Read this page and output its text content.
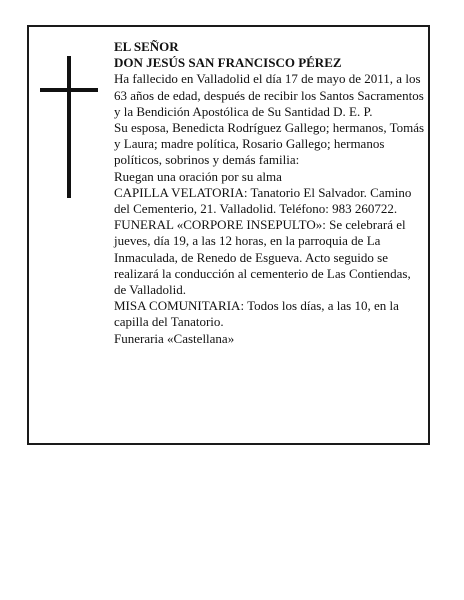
EL SEÑOR

DON JESÚS SAN FRANCISCO PÉREZ

Ha fallecido en Valladolid el día 17 de mayo de 2011, a los 63 años de edad, después de recibir los Santos Sacramentos y la Bendición Apostólica de Su Santidad D. E. P.

Su esposa, Benedicta Rodríguez Gallego; hermanos, Tomás y Laura; madre política, Rosario Gallego; hermanos políticos, sobrinos y demás familia:

Ruegan una oración por su alma

CAPILLA VELATORIA: Tanatorio El Salvador. Camino del Cementerio, 21. Valladolid. Teléfono: 983 260722.

FUNERAL «CORPORE INSEPULTO»: Se celebrará el jueves, día 19, a las 12 horas, en la parroquia de La Inmaculada, de Renedo de Esgueva. Acto seguido se realizará la conducción al cementerio de Las Contiendas, de Valladolid.

MISA COMUNITARIA: Todos los días, a las 10, en la capilla del Tanatorio.

Funeraria «Castellana»
